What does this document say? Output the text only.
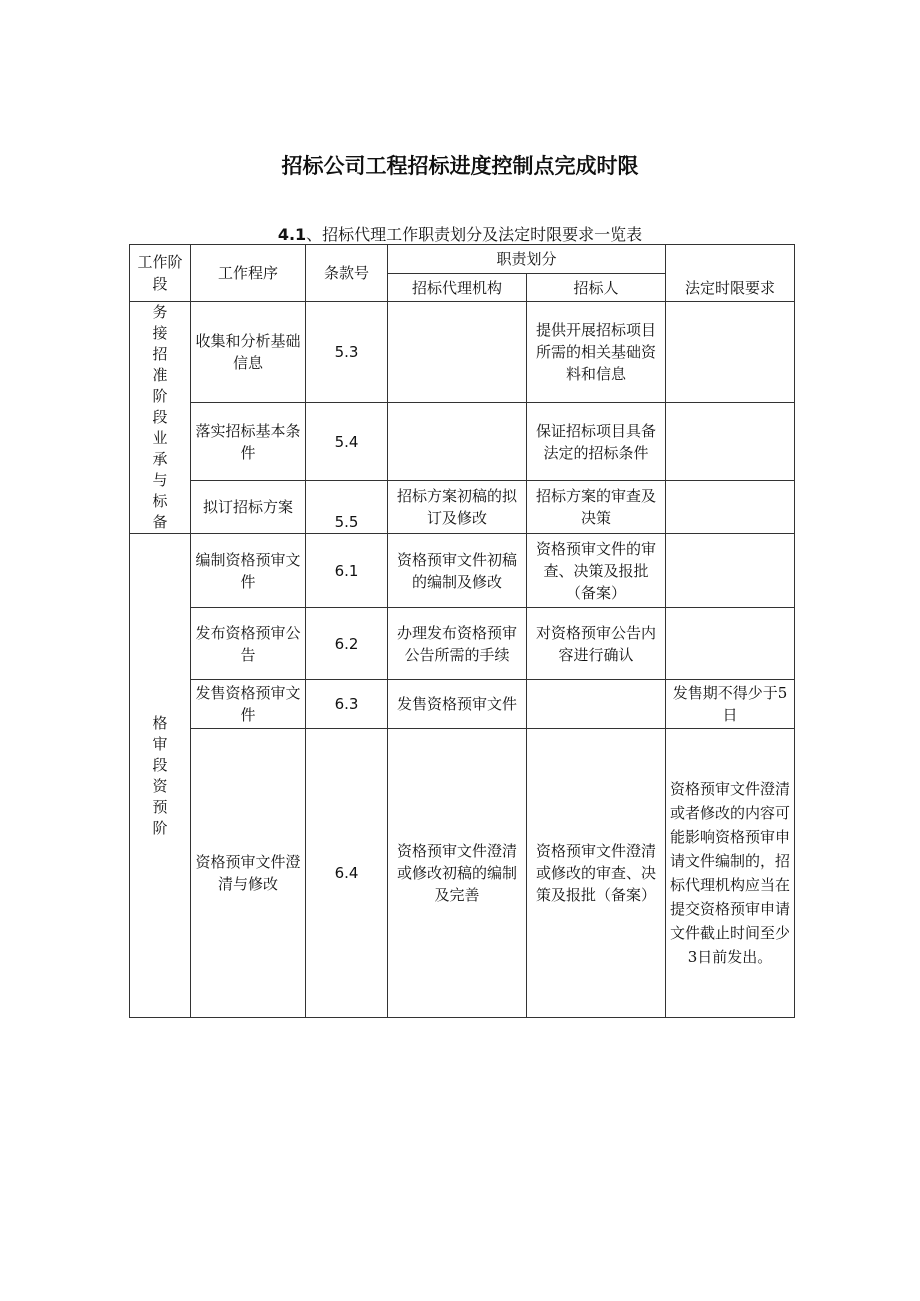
招标公司工程招标进度控制点完成时限
4.1、招标代理工作职责划分及法定时限要求一览表
工作阶段	工作程序	条款号	职责划分		法定时限要求
			招标代理机构	招标人	
务接招准阶段业承与标备	收集和分析基础信息	5.3		提供开展招标项目所需的相关基础资料和信息	
	落实招标基本条件	5.4		保证招标项目具备法定的招标条件	
	拟订招标方案	5.5	招标方案初稿的拟订及修改	招标方案的审查及决策	
格审段资预阶	编制资格预审文件	6.1	资格预审文件初稿的编制及修改	资格预审文件的审查、决策及报批（备案）	
	发布资格预审公告	6.2	办理发布资格预审公告所需的手续	对资格预审公告内容进行确认	
	发售资格预审文件	6.3	发售资格预审文件		发售期不得少于5日
	资格预审文件澄清与修改	6.4	资格预审文件澄清或修改初稿的编制及完善	资格预审文件澄清或修改的审查、决策及报批（备案）	资格预审文件澄清或者修改的内容可能影响资格预审申请文件编制的，招标代理机构应当在提交资格预审申请文件截止时间至少3日前发出。
